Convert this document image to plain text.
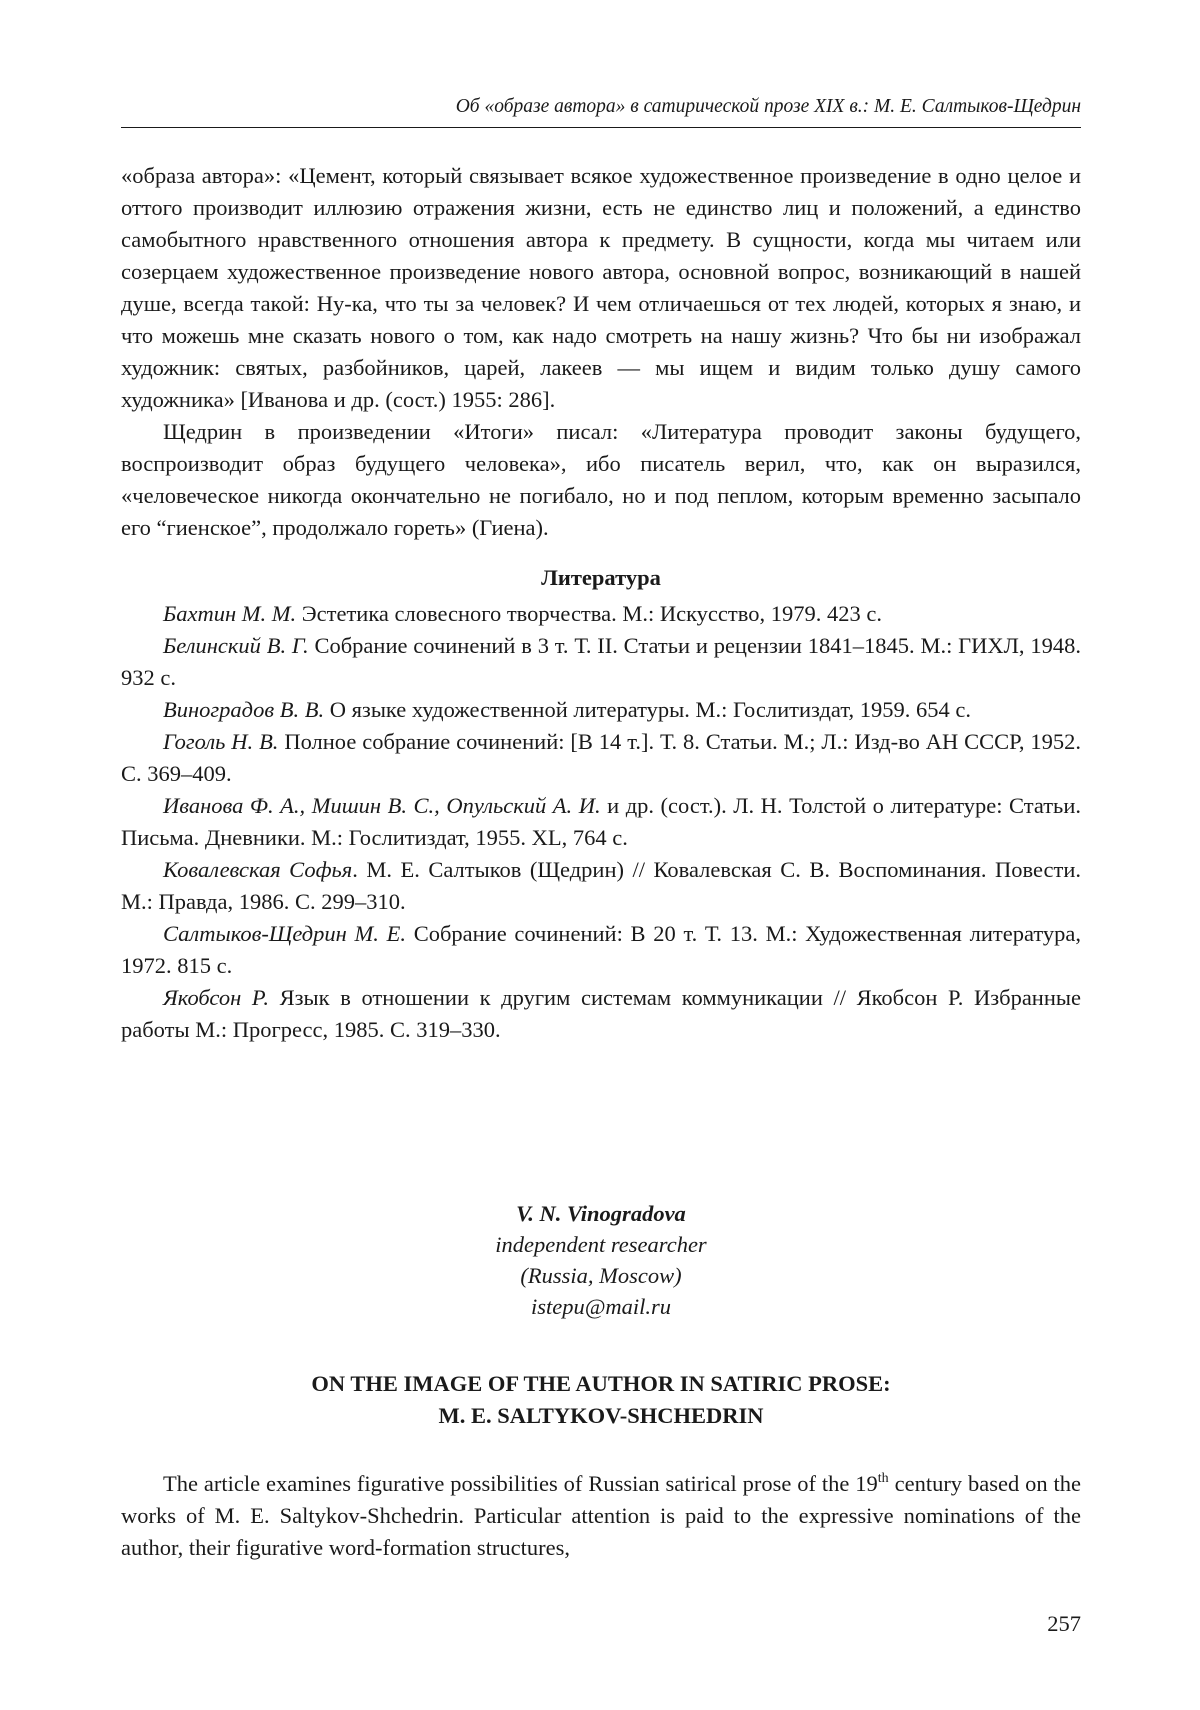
Об «образе автора» в сатирической прозе XIX в.: М. Е. Салтыков-Щедрин

«образа автора»: «Цемент, который связывает всякое художественное произведение в одно целое и оттого производит иллюзию отражения жизни, есть не единство лиц и положений, а единство самобытного нравственного отношения автора к предмету. В сущности, когда мы читаем или созерцаем художественное произведение нового автора, основной вопрос, возникающий в нашей душе, всегда такой: Ну-ка, что ты за человек? И чем отличаешься от тех людей, которых я знаю, и что можешь мне сказать нового о том, как надо смотреть на нашу жизнь? Что бы ни изображал художник: святых, разбойников, царей, лакеев — мы ищем и видим только душу самого художника» [Иванова и др. (сост.) 1955: 286].

Щедрин в произведении «Итоги» писал: «Литература проводит законы будущего, воспроизводит образ будущего человека», ибо писатель верил, что, как он выразился, «человеческое никогда окончательно не погибало, но и под пеплом, которым временно засыпало его “гиенское”, продолжало гореть» (Гиена).

Литература

Бахтин М. М. Эстетика словесного творчества. М.: Искусство, 1979. 423 с.

Белинский В. Г. Собрание сочинений в 3 т. Т. II. Статьи и рецензии 1841–1845. М.: ГИХЛ, 1948. 932 с.

Виноградов В. В. О языке художественной литературы. М.: Гослитиздат, 1959. 654 с.

Гоголь Н. В. Полное собрание сочинений: [В 14 т.]. Т. 8. Статьи. М.; Л.: Изд-во АН СССР, 1952. С. 369–409.

Иванова Ф. А., Мишин В. С., Опульский А. И. и др. (сост.). Л. Н. Толстой о литературе: Статьи. Письма. Дневники. М.: Гослитиздат, 1955. XL, 764 с.

Ковалевская Софья. М. Е. Салтыков (Щедрин) // Ковалевская С. В. Воспоминания. Повести. М.: Правда, 1986. С. 299–310.

Салтыков-Щедрин М. Е. Собрание сочинений: В 20 т. Т. 13. М.: Художественная литература, 1972. 815 с.

Якобсон Р. Язык в отношении к другим системам коммуникации // Якобсон Р. Избранные работы М.: Прогресс, 1985. С. 319–330.

V. N. Vinogradova
independent researcher
(Russia, Moscow)
istepu@mail.ru
ON THE IMAGE OF THE AUTHOR IN SATIRIC PROSE:
M. E. SALTYKOV-SHCHEDRIN
The article examines figurative possibilities of Russian satirical prose of the 19th century based on the works of M. E. Saltykov-Shchedrin. Particular attention is paid to the expressive nominations of the author, their figurative word-formation structures,
257
